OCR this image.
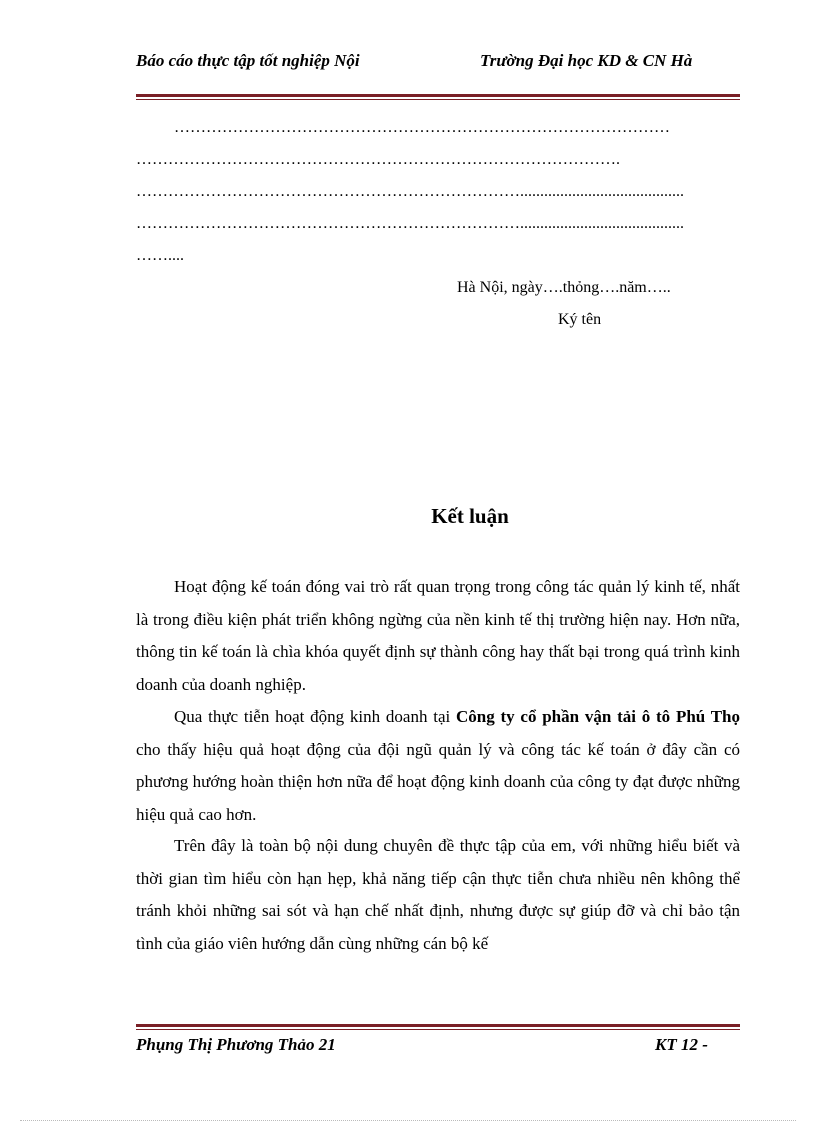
Báo cáo thực tập tốt nghiệp Nội	Trường Đại học KD & CN Hà
…………………………………………………………………………………
……………………………………………………………………………….
……………………………………………………………….........................................
……………………………………………………………….........................................
……....
Hà Nội, ngày….thỏng….năm…..
Ký tên
Kết luận

Hoạt động kế toán đóng vai trò rất quan trọng trong công tác quản lý kinh tế, nhất là trong điều kiện phát triển không ngừng của nền kinh tế thị trường hiện nay. Hơn nữa, thông tin kế toán là chìa khóa quyết định sự thành công hay thất bại trong quá trình kinh doanh của doanh nghiệp.

Qua thực tiễn hoạt động kinh doanh tại Công ty cổ phần vận tải ô tô Phú Thọ cho thấy hiệu quả hoạt động của đội ngũ quản lý và công tác kế toán ở đây cần có phương hướng hoàn thiện hơn nữa để hoạt động kinh doanh của công ty đạt được những hiệu quả cao hơn.

Trên đây là toàn bộ nội dung chuyên đề thực tập của em, với những hiểu biết và thời gian tìm hiểu còn hạn hẹp, khả năng tiếp cận thực tiễn chưa nhiều nên không thể tránh khỏi những sai sót và hạn chế nhất định, nhưng được sự giúp đỡ và chỉ bảo tận tình của giáo viên hướng dẫn cùng những cán bộ kế

Phụng Thị Phương Thảo 21	KT 12 -
